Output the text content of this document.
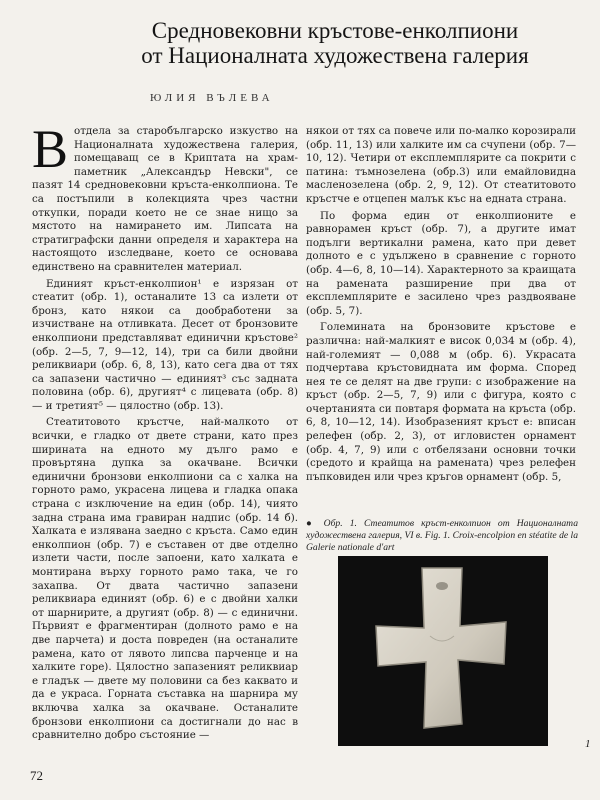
Средновековни кръстове-енколпиони
от Националната художествена галерия
ЮЛИЯ ВЪЛЕВА

В отдела за старобългарско изкуство на Националната художествена галерия, помещаващ се в Криптата на храм-паметник „Александър Невски", се пазят 14 средновековни кръста-енколпиона. Те са постъпили в колекцията чрез частни откупки, поради което не се знае нищо за мястото на намирането им. Липсата на стратиграфски данни определя и характера на настоящото изследване, което се основава единствено на сравнителен материал.

Единият кръст-енколпион¹ е изрязан от стеатит (обр. 1), останалите 13 са излети от бронз, като някои са дообработени за изчистване на отливката. Десет от бронзовите енколпиони представляват единични кръстове² (обр. 2—5, 7, 9—12, 14), три са били двойни реликвиари (обр. 6, 8, 13), като сега два от тях са запазени частично — единият³ със задната половина (обр. 6), другият⁴ с лицевата (обр. 8) — и третият⁵ — цялостно (обр. 13).

Стеатитовото кръстче, най-малкото от всички, е гладко от двете страни, като през ширината на едното му дълго рамо е провъртяна дупка за окачване. Всички единични бронзови енколпиони са с халка на горното рамо, украсена лицева и гладка опака страна с изключение на един (обр. 14), чиято задна страна има гравиран надпис (обр. 14 б). Халката е излявана заедно с кръста. Само един енколпион (обр. 7) е съставен от две отделно излети части, после запоени, като халката е монтирана върху горното рамо така, че го захапва. От двата частично запазени реликвиара единият (обр. 6) е с двойни халки от шарнирите, а другият (обр. 8) — с единични. Първият е фрагментиран (долното рамо е на две парчета) и доста повреден (на останалите рамена, като от лявото липсва парченце и на халките горе). Цялостно запазеният реликвиар е гладък — двете му половини са без каквато и да е украса. Горната съставка на шарнира му включва халка за окачване. Останалите бронзови енколпиони са достигнали до нас в сравнително добро състояние —

някои от тях са повече или по-малко корозирали (обр. 11, 13) или халките им са счупени (обр. 7—10, 12). Четири от експлемплярите са покрити с патина: тъмнозелена (обр.3) или емайловидна масленозелена (обр. 2, 9, 12). От стеатитовото кръстче е отцепен малък къс на едната страна.

По форма един от енколпионите е равнорамен кръст (обр. 7), а другите имат подълги вертикални рамена, като при девет долното е с удължено в сравнение с горното (обр. 4—6, 8, 10—14). Характерното за краищата на рамената разширение при два от експлемплярите е засилено чрез раздвояване (обр. 5, 7).

Големината на бронзовите кръстове е различна: най-малкият е висок 0,034 м (обр. 4), най-големият — 0,088 м (обр. 6). Украсата подчертава кръстовидната им форма. Според нея те се делят на две групи: с изображение на кръст (обр. 2—5, 7, 9) или с фигура, която с очертанията си повтаря формата на кръста (обр. 6, 8, 10—12, 14). Изобразеният кръст е: вписан релефен (обр. 2, 3), от игловистен орнамент (обр. 4, 7, 9) или с отбелязани основни точки (средото и крайща на рамената) чрез релефен пъпковиден или чрез кръгов орнамент (обр. 5,

● Обр. 1. Стеатитов кръст-енколпион от Националната художествена галерия, VI в. Fig. 1. Croix-encolpion en stéatite de la Galerie nationale d'art
1
72
